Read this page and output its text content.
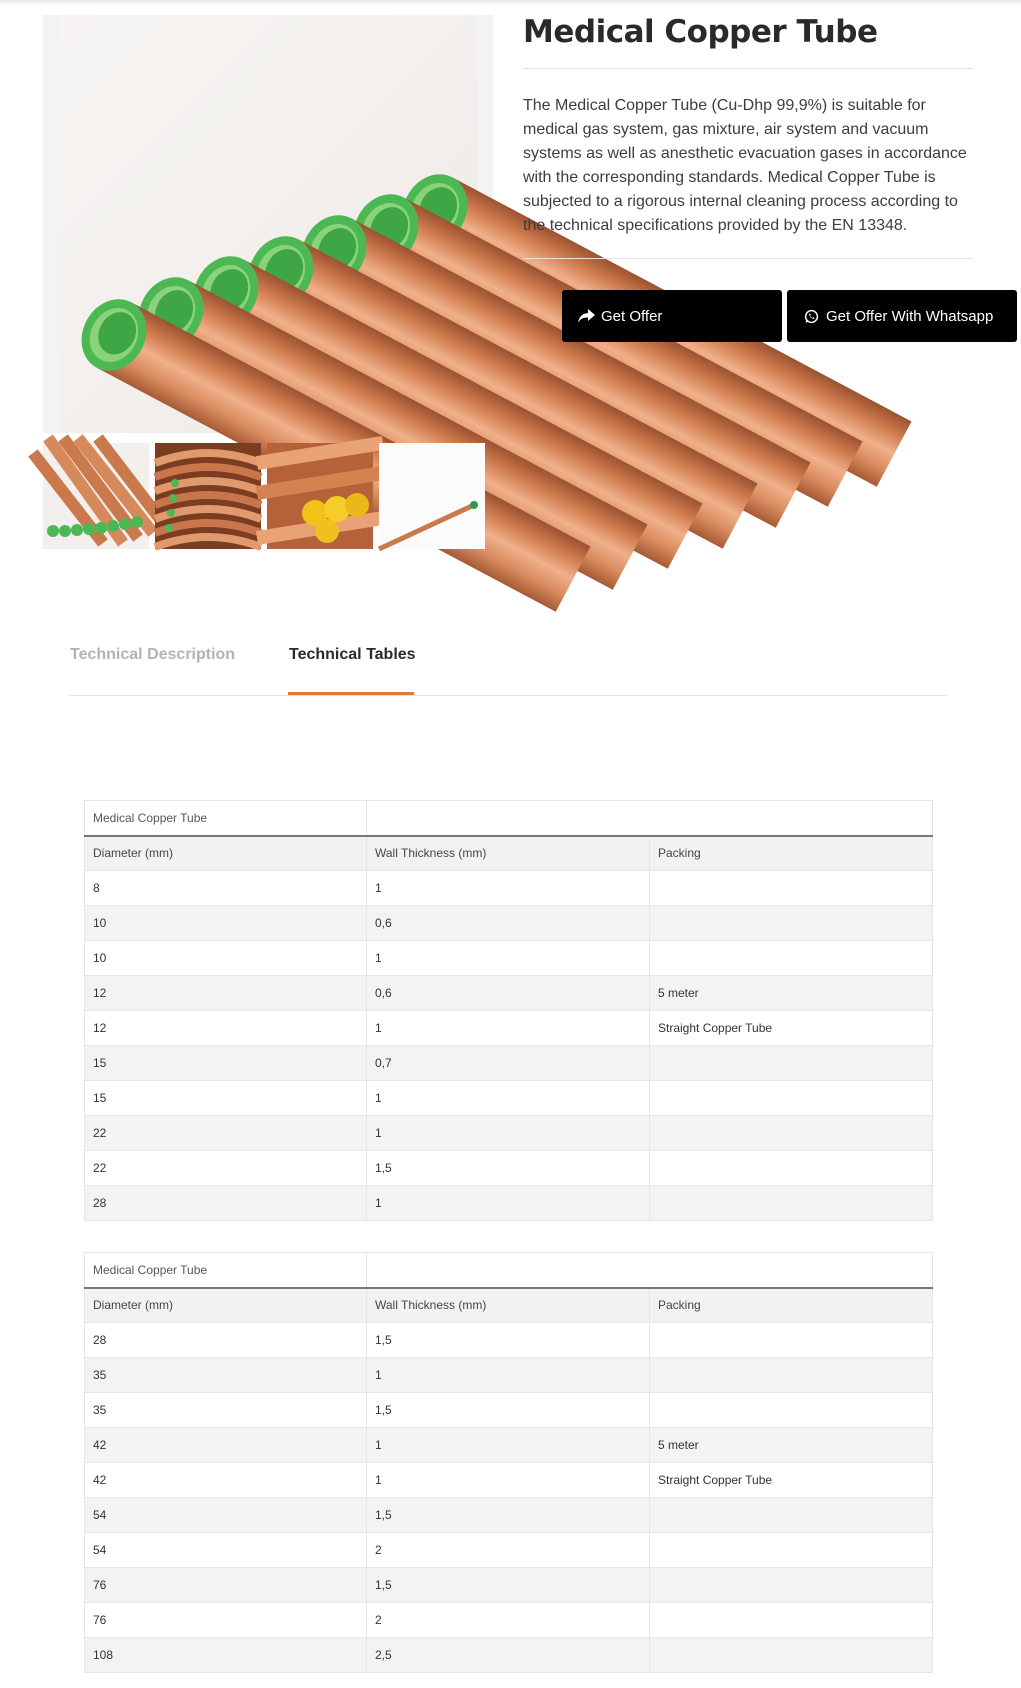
Medical Copper Tube
The Medical Copper Tube (Cu-Dhp 99,9%) is suitable for medical gas system, gas mixture, air system and vacuum systems as well as anesthetic evacuation gases in accordance with the corresponding standards. Medical Copper Tube is subjected to a rigorous internal cleaning process according to the technical specifications provided by the EN 13348.
Get Offer	Get Offer With Whatsapp
Technical Description	Technical Tables
Medical Copper Tube		
Diameter (mm)	Wall Thickness (mm)	Packing
8	1	
10	0,6	
10	1	
12	0,6	5 meter
12	1	Straight Copper Tube
15	0,7	
15	1	
22	1	
22	1,5	
28	1	
Medical Copper Tube		
Diameter (mm)	Wall Thickness (mm)	Packing
28	1,5	
35	1	
35	1,5	
42	1	5 meter
42	1	Straight Copper Tube
54	1,5	
54	2	
76	1,5	
76	2	
108	2,5	
